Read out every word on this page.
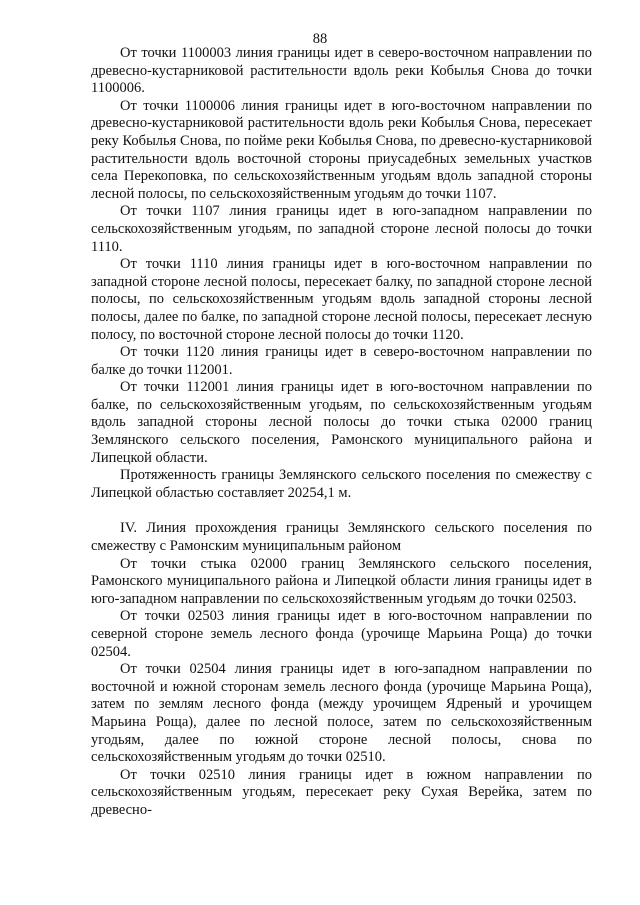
88

От точки 1100003 линия границы идет в северо-восточном направлении по древесно-кустарниковой растительности вдоль реки Кобылья Снова до точки 1100006.

От точки 1100006 линия границы идет в юго-восточном направлении по древесно-кустарниковой растительности вдоль реки Кобылья Снова, пересекает реку Кобылья Снова, по пойме реки Кобылья Снова, по древесно-кустарниковой растительности вдоль восточной стороны приусадебных земельных участков села Перекоповка, по сельскохозяйственным угодьям вдоль западной стороны лесной полосы, по сельскохозяйственным угодьям до точки 1107.

От точки 1107 линия границы идет в юго-западном направлении по сельскохозяйственным угодьям, по западной стороне лесной полосы до точки 1110.

От точки 1110 линия границы идет в юго-восточном направлении по западной стороне лесной полосы, пересекает балку, по западной стороне лесной полосы, по сельскохозяйственным угодьям вдоль западной стороны лесной полосы, далее по балке, по западной стороне лесной полосы, пересекает лесную полосу, по восточной стороне лесной полосы до точки 1120.

От точки 1120 линия границы идет в северо-восточном направлении по балке до точки 112001.

От точки 112001 линия границы идет в юго-восточном направлении по балке, по сельскохозяйственным угодьям, по сельскохозяйственным угодьям вдоль западной стороны лесной полосы до точки стыка 02000 границ Землянского сельского поселения, Рамонского муниципального района и Липецкой области.

Протяженность границы Землянского сельского поселения по смежеству с Липецкой областью составляет 20254,1 м.

IV. Линия прохождения границы Землянского сельского поселения по смежеству с Рамонским муниципальным районом

От точки стыка 02000 границ Землянского сельского поселения, Рамонского муниципального района и Липецкой области линия границы идет в юго-западном направлении по сельскохозяйственным угодьям до точки 02503.

От точки 02503 линия границы идет в юго-восточном направлении по северной стороне земель лесного фонда (урочище Марьина Роща) до точки 02504.

От точки 02504 линия границы идет в юго-западном направлении по восточной и южной сторонам земель лесного фонда (урочище Марьина Роща), затем по землям лесного фонда (между урочищем Ядреный и урочищем Марьина Роща), далее по лесной полосе, затем по сельскохозяйственным угодьям, далее по южной стороне лесной полосы, снова по сельскохозяйственным угодьям до точки 02510.

От точки 02510 линия границы идет в южном направлении по сельскохозяйственным угодьям, пересекает реку Сухая Верейка, затем по древесно-
